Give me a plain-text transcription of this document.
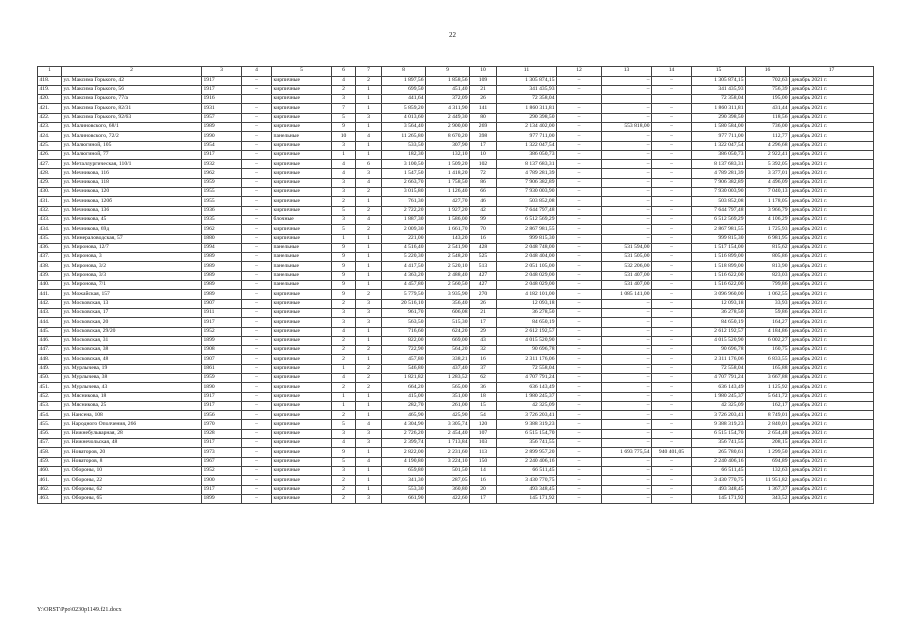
22
1	2	3	4	5	6	7	8	9	10	11	12	13	14	15	16	17
418.	ул. Максима Горького, 42	1917	–	кирпичные	4	2	1 897,56	1 858,56	109	1 305 874,15	–	–	–	1 305 874,15	702,63	декабрь 2021 г.
419.	ул. Максима Горького, 56	1917	–	кирпичные	2	1	699,50	451,40	21	341 435,93	–	–	–	341 435,93	756,39	декабрь 2021 г.
420.	ул. Максима Горького, 77/а	1916		кирпичные	3	1	441,64	372,09	26	72 358,04				72 358,04	195,00	декабрь 2021 г.
421.	ул. Максима Горького, 82/31	1931	–	кирпичные	7	1	5 859,20	4 311,90	141	1 860 311,81	–	–	–	1 860 311,81	431,44	декабрь 2021 г.
422.	ул. Максима Горького, 92/63	1957	–	кирпичные	5	3	4 013,60	2 449,30	80	290 398,50	–	–	–	290 398,50	118,56	декабрь 2021 г.
423.	ул. Малиновского, 68/1	1989	–	кирпичные	9	1	3 564,40	2 900,00	269	2 134 402,00	–	553 818,00	–	1 580 584,00	736,00	декабрь 2021 г.
424.	ул. Малиновского, 72/2	1990	–	панельные	10	4	11 265,80	8 670,20	398	977 711,00	–	–	–	977 711,00	112,77	декабрь 2021 г.
425.	ул. Малюгиной, 105	1954	–	кирпичные	3	1	533,50	307,90	17	1 322 047,54	–	–	–	1 322 047,54	4 296,68	декабрь 2021 г.
426.	ул. Малюгиной, 77	1917	–	кирпичные	1	1	182,30	132,10	10	386 050,73	–	–	–	386 050,73	2 922,41	декабрь 2021 г.
427.	ул. Металлургическая, 110/1	1932	–	кирпичные	4	6	3 100,50	1 509,20	102	8 137 683,31	–	–	–	8 137 683,31	5 392,05	декабрь 2021 г.
428.	ул. Мечникова, 116	1962	–	кирпичные	4	3	1 547,50	1 418,20	72	4 789 281,39	–	–	–	4 789 281,39	3 377,01	декабрь 2021 г.
429.	ул. Мечникова, 118	1959	–	кирпичные	3	4	2 663,70	1 758,50	86	7 906 382,89	–	–	–	7 906 382,89	4 496,09	декабрь 2021 г.
430.	ул. Мечникова, 120	1955	–	кирпичные	3	2	3 015,80	1 126,40	66	7 930 003,90	–	–	–	7 930 003,90	7 040,13	декабрь 2021 г.
431.	ул. Мечникова, 120б	1955	–	кирпичные	2	1	761,30	427,70	46	503 852,08	–	–	–	503 852,08	1 178,05	декабрь 2021 г.
432.	ул. Мечникова, 136	1936	–	кирпичные	5	2	2 722,20	1 927,20	42	7 644 797,48	–	–	–	7 644 797,48	3 966,79	декабрь 2021 г.
433.	ул. Мечникова, 45	1935	–	блочные	3	4	1 887,30	1 586,00	99	6 512 569,29	–	–	–	6 512 569,29	4 106,29	декабрь 2021 г.
434.	ул. Мечникова, 69д	1962	–	кирпичные	5	2	2 009,30	1 661,70	70	2 867 981,55	–	–	–	2 867 981,55	1 725,93	декабрь 2021 г.
435.	ул. Минераловодская, 57	1880	–	кирпичные	1	1	221,00	143,20	16	999 815,30	–	–	–	999 815,30	6 981,95	декабрь 2021 г.
436.	ул. Миронова, 12/7	1994	–	панельные	9	1	4 516,40	2 541,90	428	2 048 748,00	–	531 594,00	–	1 517 154,00	815,62	декабрь 2021 г.
437.	ул. Миронова, 3	1989	–	панельные	9	1	5 220,30	2 548,20	525	2 048 404,00	–	531 505,00	–	1 516 899,00	805,86	декабрь 2021 г.
438.	ул. Миронова, 3/2	1989	–	панельные	9	1	4 417,50	2 520,10	513	2 051 105,00	–	532 206,00	–	1 518 899,00	813,90	декабрь 2021 г.
439.	ул. Миронова, 3/3	1989	–	панельные	9	1	4 363,20	2 488,40	427	2 048 029,00	–	531 407,00	–	1 516 622,00	823,03	декабрь 2021 г.
440.	ул. Миронова, 7/1	1989	–	панельные	9	1	4 457,80	2 560,50	427	2 048 029,00	–	531 407,00	–	1 516 622,00	799,86	декабрь 2021 г.
441.	ул. Можайская, 157	1989	–	кирпичные	9	2	5 779,50	3 935,90	270	4 182 101,00	–	1 085 141,00	–	3 096 960,00	1 062,55	декабрь 2021 г.
442.	ул. Московская, 13	1907	–	кирпичные	2	3	20 516,10	356,40	26	12 093,18	–	–	–	12 093,18	33,93	декабрь 2021 г.
443.	ул. Московская, 17	1911	–	кирпичные	3	3	961,70	606,08	21	36 278,50	–	–	–	36 278,50	59,86	декабрь 2021 г.
444.	ул. Московская, 20	1917	–	кирпичные	3	3	563,50	515,30	17	84 650,19	–	–	–	84 650,19	164,27	декабрь 2021 г.
445.	ул. Московская, 29/20	1952	–	кирпичные	4	1	716,60	624,20	29	2 612 192,57	–	–	–	2 612 192,57	4 184,86	декабрь 2021 г.
446.	ул. Московская, 31	1899	–	кирпичные	2	1	822,00	669,00	43	4 015 520,90	–	–	–	4 015 520,90	6 002,27	декабрь 2021 г.
447.	ул. Московская, 38	1908	–	кирпичные	2	2	722,90	564,20	32	90 696,78	–	–	–	90 696,78	160,75	декабрь 2021 г.
448.	ул. Московская, 48	1907	–	кирпичные	2	1	457,80	338,21	16	2 311 176,06	–	–	–	2 311 176,06	6 833,55	декабрь 2021 г.
449.	ул. Мурлычева, 19	1861	–	кирпичные	1	2	546,80	437,40	37	72 558,04	–	–	–	72 558,04	165,88	декабрь 2021 г.
450.	ул. Мурлычева, 38	1959	–	кирпичные	4	2	1 821,82	1 283,52	62	4 707 791,24	–	–	–	4 707 791,24	3 667,88	декабрь 2021 г.
451.	ул. Мурлычева, 43	1890	–	кирпичные	2	2	664,20	565,00	36	636 143,49	–	–	–	636 143,49	1 125,92	декабрь 2021 г.
452.	ул. Мясникова, 18	1917	–	кирпичные	1	1	415,00	351,00	18	1 980 245,37	–	–	–	1 980 245,37	5 641,72	декабрь 2021 г.
453.	ул. Мясникова, 25	1917	–	кирпичные	1	1	282,70	261,00	15	42 325,09	–	–	–	42 325,09	162,17	декабрь 2021 г.
454.	ул. Нансена, 108	1956	–	кирпичные	2	1	465,90	425,90	54	3 726 203,41	–	–	–	3 726 203,41	8 749,01	декабрь 2021 г.
455.	ул. Народного Ополчения, 266	1970	–	кирпичные	5	4	4 304,90	3 305,74	120	9 388 319,23	–	–	–	9 388 319,23	2 840,01	декабрь 2021 г.
456.	ул. Нижнебульварная, 28	1928	–	кирпичные	3	3	2 726,20	2 454,40	107	6 515 154,70	–	–	–	6 515 154,70	2 654,48	декабрь 2021 г.
457.	ул. Нижнечольская, 48	1917	–	кирпичные	4	3	2 399,74	1 713,84	103	356 741,55	–	–	–	356 741,55	208,15	декабрь 2021 г.
458.	ул. Новаторов, 20	1973	–	кирпичные	9	1	2 822,00	2 231,60	113	2 899 957,20	–	1 693 775,54	940 401,05	265 780,61	1 299,50	декабрь 2021 г.
459.	ул. Новаторов, 8	1967	–	кирпичные	5	4	4 190,80	3 224,10	150	2 240 406,16	–	–	–	2 240 406,16	694,89	декабрь 2021 г.
460.	ул. Обороны, 10	1952	–	кирпичные	3	1	659,80	501,50	14	66 511,45	–	–	–	66 511,45	132,63	декабрь 2021 г.
461.	ул. Обороны, 22	1900	–	кирпичные	2	1	341,30	287,05	16	3 430 770,75	–	–	–	3 430 770,75	11 951,82	декабрь 2021 г.
462.	ул. Обороны, 62	1917	–	кирпичные	2	1	553,30	360,80	20	493 348,45	–	–	–	493 348,45	1 367,37	декабрь 2021 г.
463.	ул. Обороны, 65	1899	–	кирпичные	2	3	661,90	422,60	17	145 171,92	–	–	–	145 171,92	343,52	декабрь 2021 г.
Y:\ORST\Ppo\0230p1149.f21.docx
